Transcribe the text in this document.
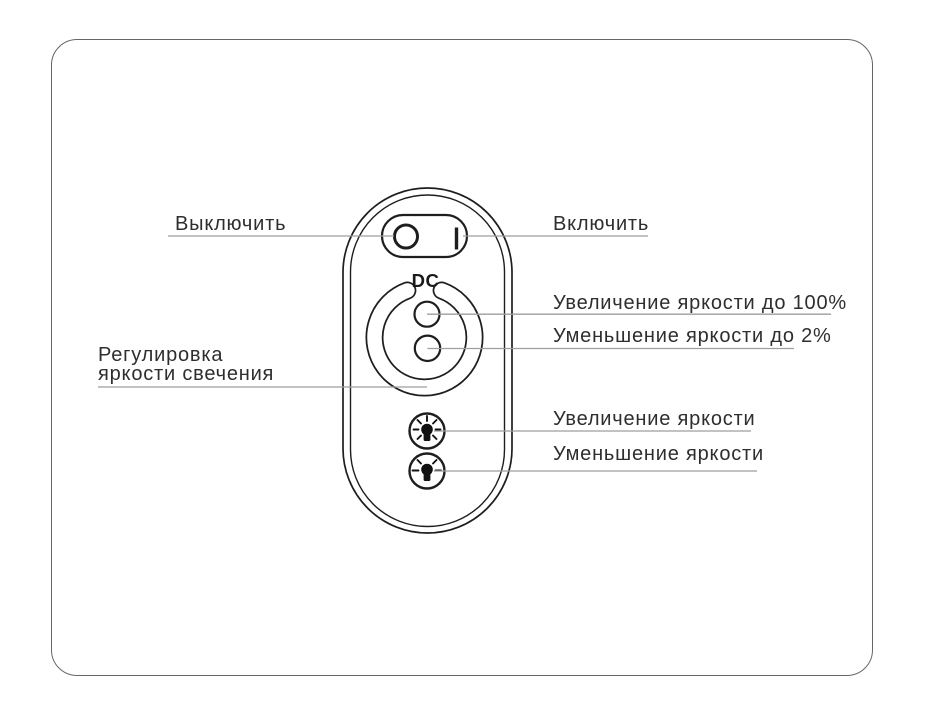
DC
Выключить	Включить
Увеличение яркости до 100%
Уменьшение яркости до 2%
Регулировка
яркости свечения
Увеличение яркости
Уменьшение яркости
